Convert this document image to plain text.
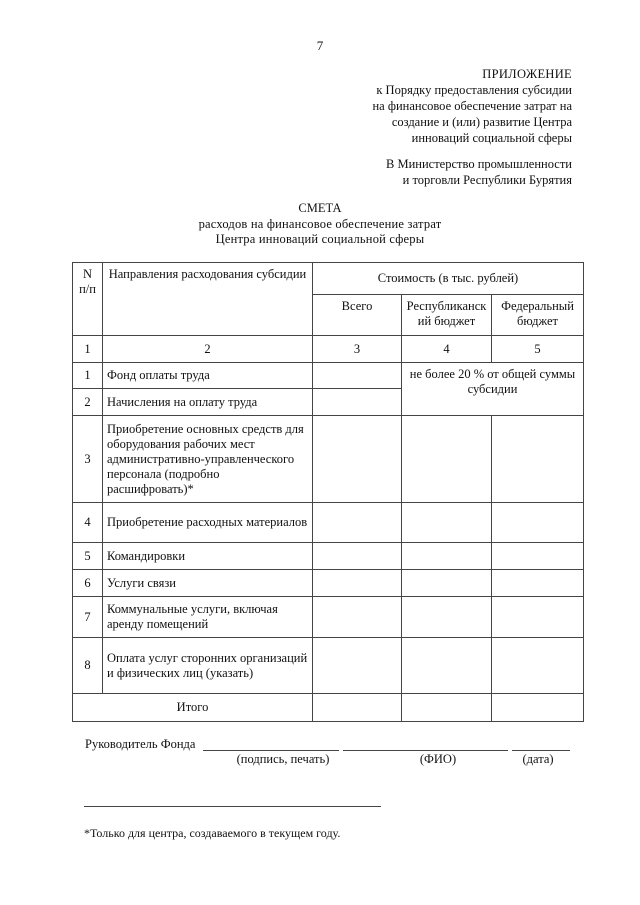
7
ПРИЛОЖЕНИЕ
к Порядку предоставления субсидии
на финансовое обеспечение затрат на
создание и (или) развитие Центра
инноваций социальной сферы
В Министерство промышленности
и торговли Республики Бурятия
СМЕТА
расходов на финансовое обеспечение затрат
Центра инноваций социальной сферы
N п/п	Направления расходования субсидии	Стоимость (в тыс. рублей)		
		Всего	Республиканск ий бюджет	Федеральный бюджет
1	2	3	4	5
1	Фонд оплаты труда		не более 20 % от общей суммы субсидии	
2	Начисления на оплату труда			
3	Приобретение основных средств для оборудования рабочих мест административно-управленческого персонала (подробно расшифровать)*			
4	Приобретение расходных материалов			
5	Командировки			
6	Услуги связи			
7	Коммунальные услуги, включая аренду помещений			
8	Оплата услуг сторонних организаций и физических лиц (указать)			
Итого				
Руководитель Фонда
(подпись, печать)	(ФИО)	(дата)
*Только для центра, создаваемого в текущем году.
